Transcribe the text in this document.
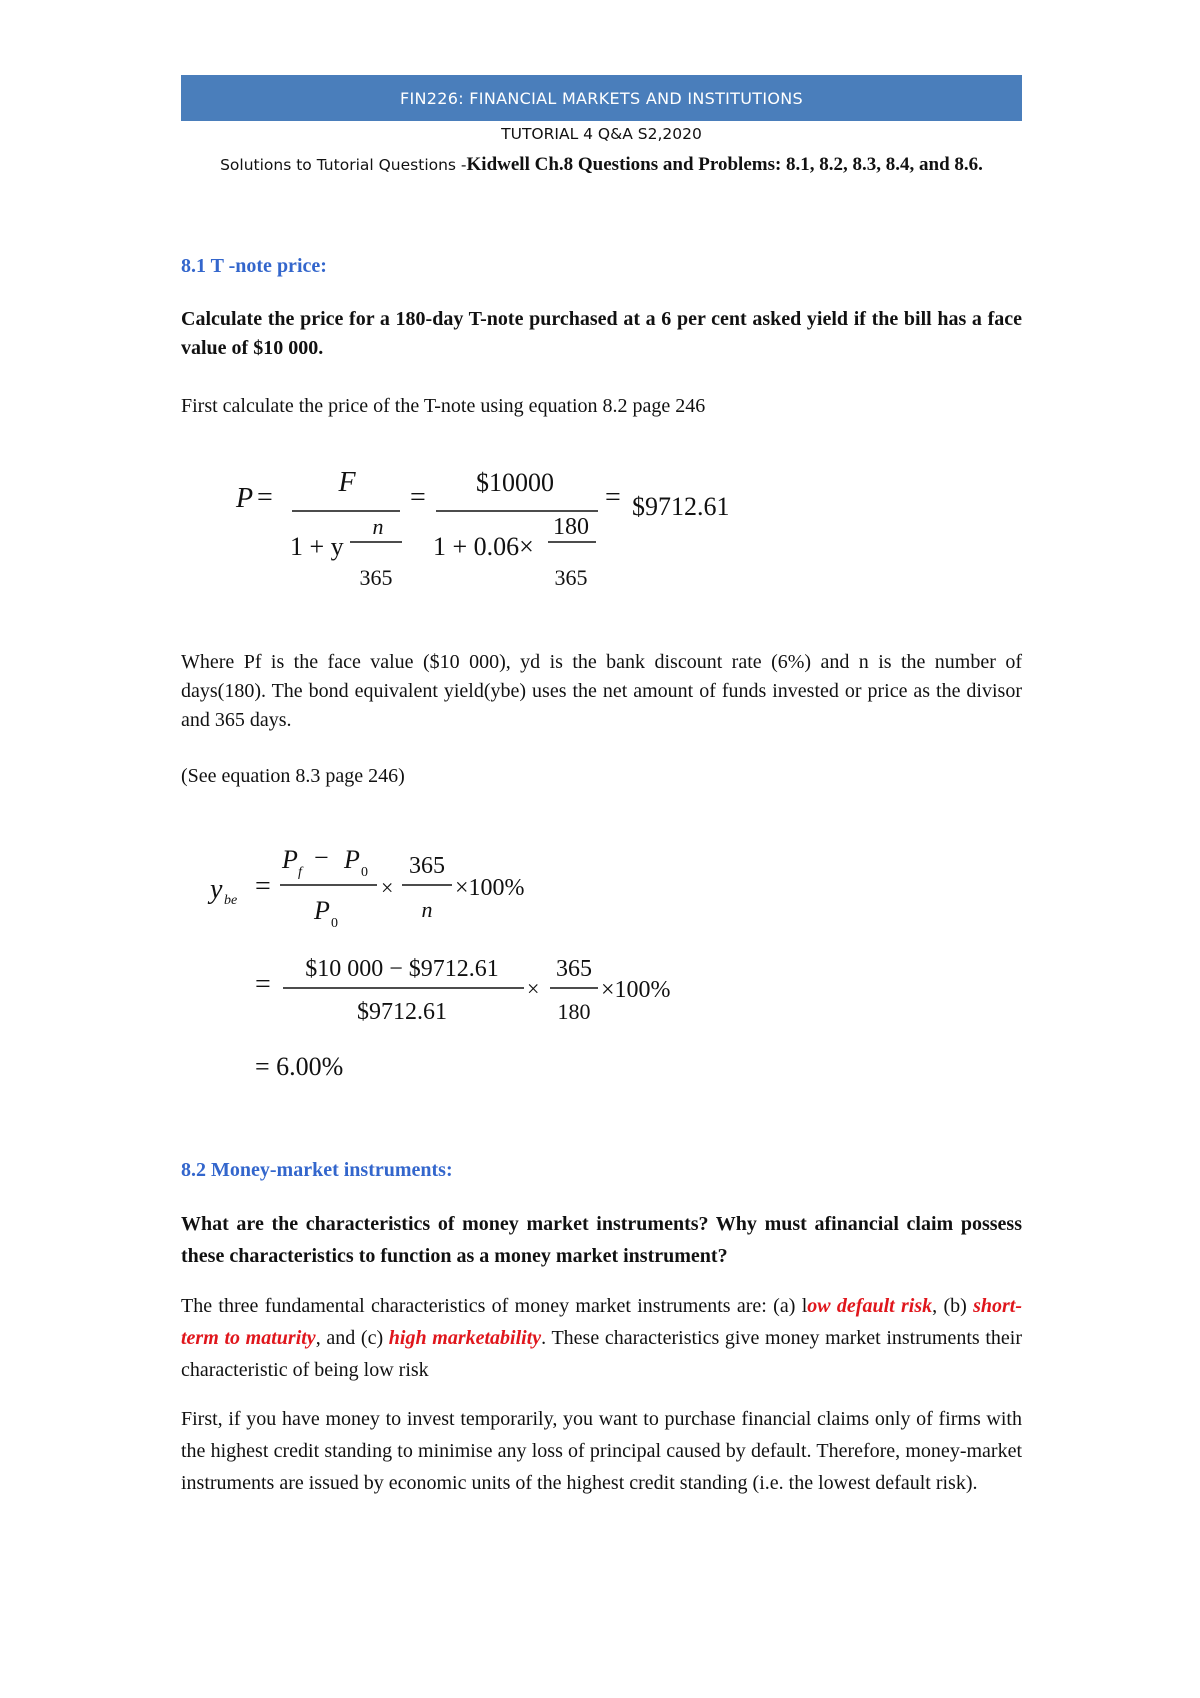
FIN226: FINANCIAL MARKETS AND INSTITUTIONS
TUTORIAL 4 Q&A S2,2020
Solutions to Tutorial Questions -Kidwell Ch.8 Questions and Problems: 8.1, 8.2, 8.3, 8.4, and 8.6.
8.1 T -note price:
Calculate the price for a 180-day T-note purchased at a 6 per cent asked yield if the bill has a face value of $10 000.
First calculate the price of the T-note using equation 8.2 page 246
P = F
1 + y
n
365
= $10000
1 + 0.06×
180
365
= $9712.61
y be =
P f
− P 0
P 0
×
365
n
×100%
= $10 000 − $9712.61
$9712.61
×
365
180
×100%
= 6.00%
Where Pf is the face value ($10 000), yd is the bank discount rate (6%) and n is the number of days(180). The bond equivalent yield(ybe) uses the net amount of funds invested or price as the divisor and 365 days.
(See equation 8.3 page 246)
8.2 Money-market instruments:
What are the characteristics of money market instruments? Why must afinancial claim possess these characteristics to function as a money market instrument?
The three fundamental characteristics of money market instruments are: (a) low default risk, (b) short-term to maturity, and (c) high marketability. These characteristics give money market instruments their characteristic of being low risk
First, if you have money to invest temporarily, you want to purchase financial claims only of firms with the highest credit standing to minimise any loss of principal caused by default. Therefore, money-market instruments are issued by economic units of the highest credit standing (i.e. the lowest default risk).
